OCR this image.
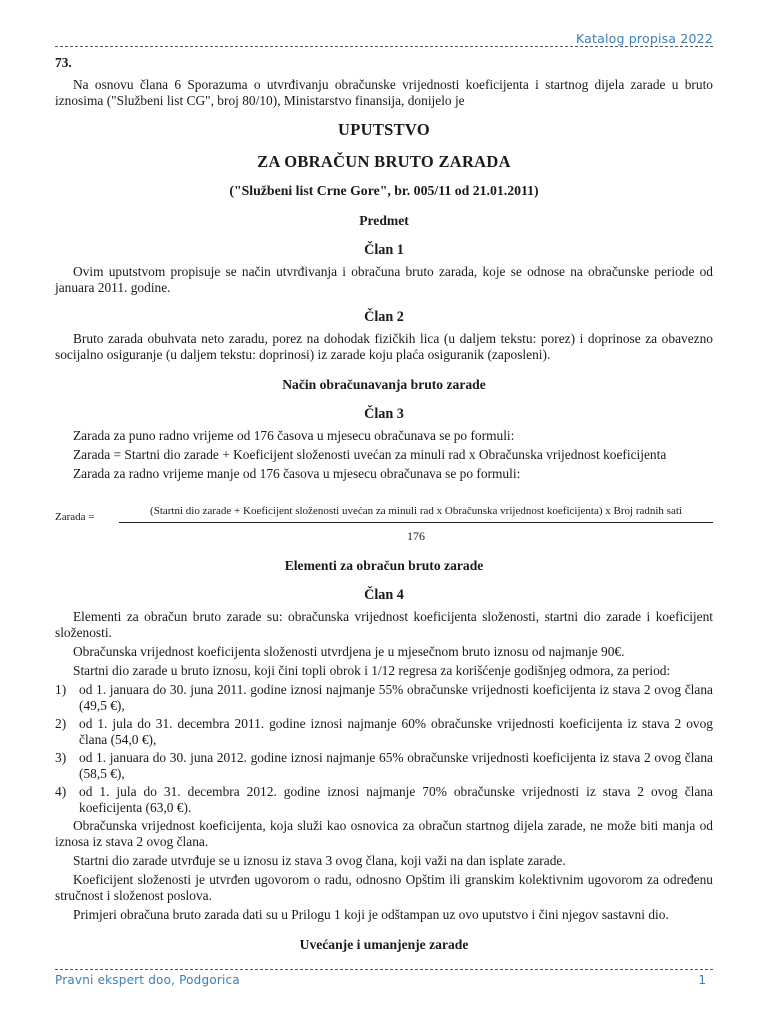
Katalog propisa 2022

73.

Na osnovu člana 6 Sporazuma o utvrđivanju obračunske vrijednosti koeficijenta i startnog dijela zarade u bruto iznosima ("Službeni list CG", broj 80/10), Ministarstvo finansija, donijelo je

UPUTSTVO

ZA OBRAČUN BRUTO ZARADA

("Službeni list Crne Gore", br. 005/11 od 21.01.2011)

Predmet

Član 1

Ovim uputstvom propisuje se način utvrđivanja i obračuna bruto zarada, koje se odnose na obračunske periode od januara 2011. godine.

Član 2

Bruto zarada obuhvata neto zaradu, porez na dohodak fizičkih lica (u daljem tekstu: porez) i doprinose za obavezno socijalno osiguranje (u daljem tekstu: doprinosi) iz zarade koju plaća osiguranik (zaposleni).

Način obračunavanja bruto zarade

Član 3

Zarada za puno radno vrijeme od 176 časova u mjesecu obračunava se po formuli:

Zarada = Startni dio zarade + Koeficijent složenosti uvećan za minuli rad x Obračunska vrijednost koeficijenta

Zarada za radno vrijeme manje od 176 časova u mjesecu obračunava se po formuli:

Zarada =	(Startni dio zarade + Koeficijent složenosti uvećan za minuli rad x Obračunska vrijednost koeficijenta) x Broj radnih sati
176

Elementi za obračun bruto zarade

Član 4

Elementi za obračun bruto zarade su: obračunska vrijednost koeficijenta složenosti, startni dio zarade i koeficijent složenosti.

Obračunska vrijednost koeficijenta složenosti utvrdjena je u mjesečnom bruto iznosu od najmanje 90€.

Startni dio zarade u bruto iznosu, koji čini topli obrok i 1/12 regresa za korišćenje godišnjeg odmora, za period:

1) od 1. januara do 30. juna 2011. godine iznosi najmanje 55% obračunske vrijednosti koeficijenta iz stava 2 ovog člana (49,5 €),
2) od 1. jula do 31. decembra 2011. godine iznosi najmanje 60% obračunske vrijednosti koeficijenta iz stava 2 ovog člana (54,0 €),
3) od 1. januara do 30. juna 2012. godine iznosi najmanje 65% obračunske vrijednosti koeficijenta iz stava 2 ovog člana (58,5 €),
4) od 1. jula do 31. decembra 2012. godine iznosi najmanje 70% obračunske vrijednosti iz stava 2 ovog člana koeficijenta (63,0 €).

Obračunska vrijednost koeficijenta, koja služi kao osnovica za obračun startnog dijela zarade, ne može biti manja od iznosa iz stava 2 ovog člana.

Startni dio zarade utvrđuje se u iznosu iz stava 3 ovog člana, koji važi na dan isplate zarade.

Koeficijent složenosti je utvrđen ugovorom o radu, odnosno Opštim ili granskim kolektivnim ugovorom za određenu stručnost i složenost poslova.

Primjeri obračuna bruto zarada dati su u Prilogu 1 koji je odštampan uz ovo uputstvo i čini njegov sastavni dio.

Uvećanje i umanjenje zarade

Pravni ekspert doo, Podgorica	1
